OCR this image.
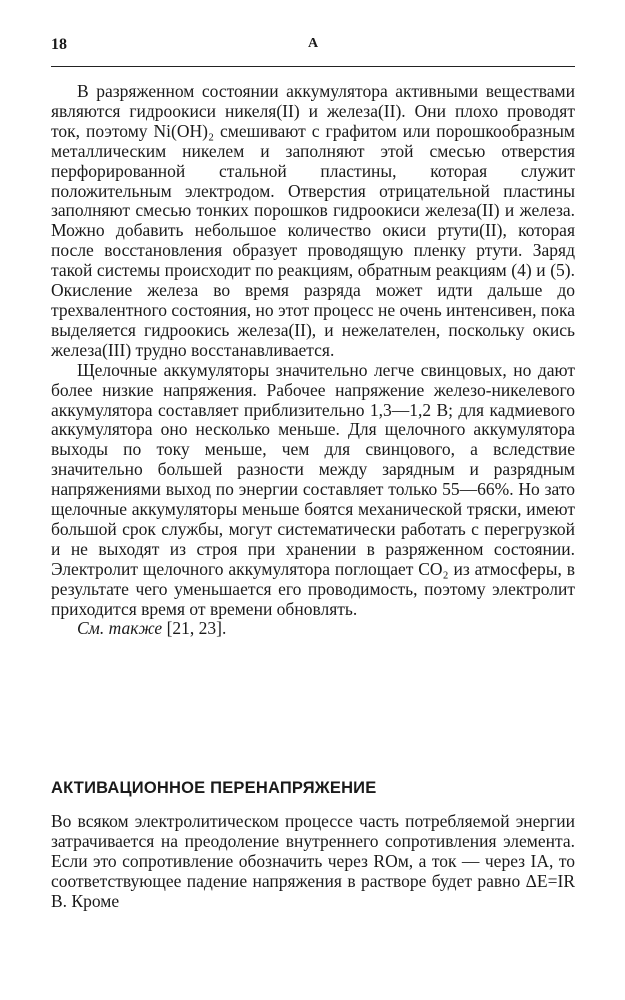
18	А

В разряженном состоянии аккумулятора активными веществами являются гидроокиси никеля(II) и железа(II). Они плохо проводят ток, поэтому Ni(OH)₂ смешивают с графитом или порошкообразным металлическим никелем и заполняют этой смесью отверстия перфорированной стальной пластины, которая служит положительным электродом. Отверстия отрицательной пластины заполняют смесью тонких порошков гидроокиси железа(II) и железа. Можно добавить небольшое количество окиси ртути(II), которая после восстановления образует проводящую пленку ртути. Заряд такой системы происходит по реакциям, обратным реакциям (4) и (5). Окисление железа во время разряда может идти дальше до трехвалентного состояния, но этот процесс не очень интенсивен, пока выделяется гидроокись железа(II), и нежелателен, поскольку окись железа(III) трудно восстанавливается.

Щелочные аккумуляторы значительно легче свинцовых, но дают более низкие напряжения. Рабочее напряжение железо-никелевого аккумулятора составляет приблизительно 1,3—1,2 В; для кадмиевого аккумулятора оно несколько меньше. Для щелочного аккумулятора выходы по току меньше, чем для свинцового, а вследствие значительно большей разности между зарядным и разрядным напряжениями выход по энергии составляет только 55—66%. Но зато щелочные аккумуляторы меньше боятся механической тряски, имеют большой срок службы, могут систематически работать с перегрузкой и не выходят из строя при хранении в разряженном состоянии. Электролит щелочного аккумулятора поглощает CO₂ из атмосферы, в результате чего уменьшается его проводимость, поэтому электролит приходится время от времени обновлять.

См. также [21, 23].

АКТИВАЦИОННОЕ ПЕРЕНАПРЯЖЕНИЕ

Во всяком электролитическом процессе часть потребляемой энергии затрачивается на преодоление внутреннего сопротивления элемента. Если это сопротивление обозначить через RОм, а ток — через IА, то соответствующее падение напряжения в растворе будет равно ΔE=IR В. Кроме
